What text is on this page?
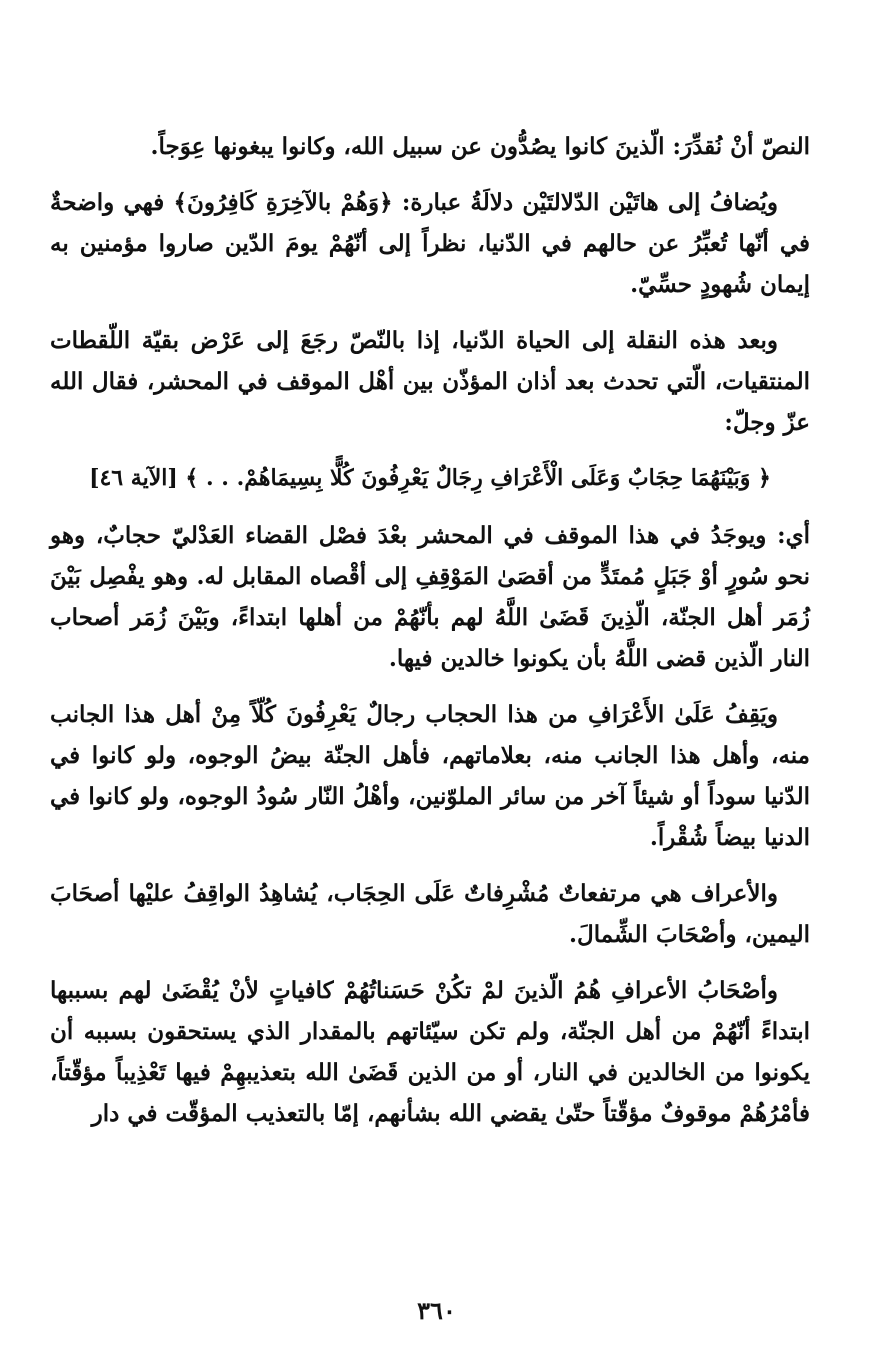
النصّ أنْ نُقدِّرَ: الّذينَ كانوا يصُدُّون عن سبيل الله، وكانوا يبغونها عِوَجاً.

ويُضافُ إلى هاتَيْن الدّلالتَيْن دلالَةُ عبارة: ﴿وَهُمْ بالآخِرَةِ كَافِرُونَ﴾ فهي واضحةٌ في أنّها تُعبِّرُ عن حالهم في الدّنيا، نظراً إلى أنّهُمْ يومَ الدّين صاروا مؤمنين به إيمان شُهودٍ حسِّيّ.

وبعد هذه النقلة إلى الحياة الدّنيا، إذا بالنّصّ رجَعَ إلى عَرْض بقيّة اللّقطات المنتقيات، الّتي تحدث بعد أذان المؤذّن بين أهْل الموقف في المحشر، فقال الله عزّ وجلّ:

﴿ وَبَيْنَهُمَا حِجَابٌ وَعَلَى الْأَعْرَافِ رِجَالٌ يَعْرِفُونَ كُلًّا بِسِيمَاهُمْ. . . ﴾ [الآية ٤٦]

أي: ويوجَدُ في هذا الموقف في المحشر بعْدَ فصْل القضاء العَدْليّ حجابٌ، وهو نحو سُورٍ أوْ جَبَلٍ مُمتَدٍّ من أقصَىٰ المَوْقِفِ إلى أقْصاه المقابل له. وهو يفْصِل بَيْنَ زُمَر أهل الجنّة، الّذِينَ قَضَىٰ اللَّهُ لهم بأنّهُمْ من أهلها ابتداءً، وبَيْنَ زُمَر أصحاب النار الّذين قضى اللَّهُ بأن يكونوا خالدين فيها.

ويَقِفُ عَلَىٰ الأَعْرَافِ من هذا الحجاب رجالٌ يَعْرِفُونَ كُلّاً مِنْ أهل هذا الجانب منه، وأهل هذا الجانب منه، بعلاماتهم، فأهل الجنّة بيضُ الوجوه، ولو كانوا في الدّنيا سوداً أو شيئاً آخر من سائر الملوّنين، وأهْلُ النّار سُودُ الوجوه، ولو كانوا في الدنيا بيضاً شُقْراً.

والأعراف هي مرتفعاتٌ مُشْرِفاتٌ عَلَى الحِجَاب، يُشاهِدُ الواقِفُ عليْها أصحَابَ اليمين، وأصْحَابَ الشِّمالَ.

وأصْحَابُ الأعرافِ هُمُ الّذينَ لمْ تكُنْ حَسَناتُهُمْ كافياتٍ لأنْ يُقْضَىٰ لهم بسببها ابتداءً أنّهُمْ من أهل الجنّة، ولم تكن سيّئاتهم بالمقدار الذي يستحقون بسببه أن يكونوا من الخالدين في النار، أو من الذين قَضَىٰ الله بتعذيبهِمْ فيها تَعْذِيباً مؤقّتاً، فأمْرُهُمْ موقوفٌ مؤقّتاً حتّىٰ يقضي الله بشأنهم، إمّا بالتعذيب المؤقّت في دار

٣٦٠
